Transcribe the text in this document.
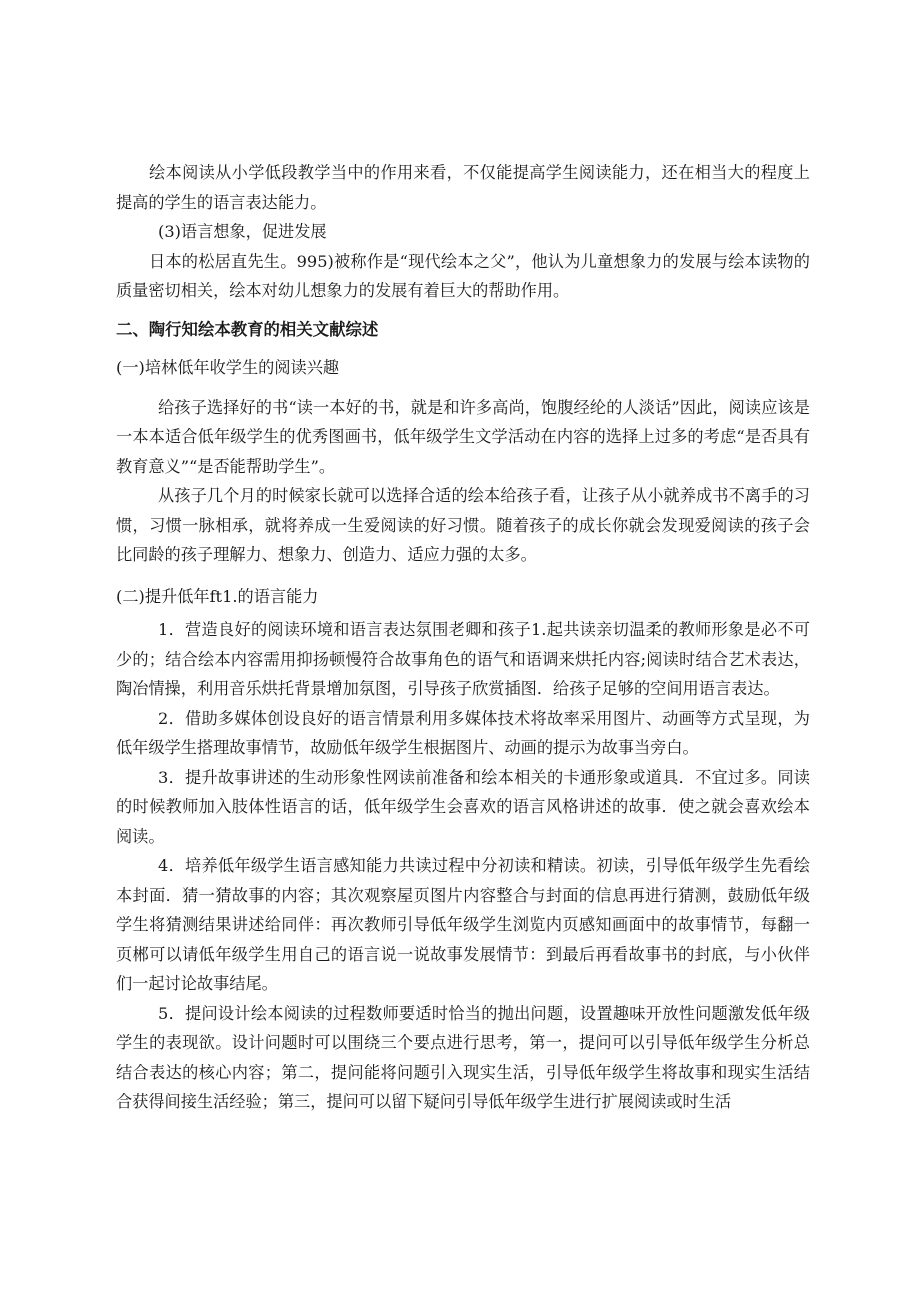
绘本阅读从小学低段教学当中的作用来看，不仅能提高学生阅读能力，还在相当大的程度上提高的学生的语言表达能力。

(3)语言想象，促进发展

日本的松居直先生。995)被称作是“现代绘本之父”，他认为儿童想象力的发展与绘本读物的质量密切相关，绘本对幼儿想象力的发展有着巨大的帮助作用。

二、陶行知绘本教育的相关文献综述

(一)培林低年收学生的阅读兴趣

给孩子选择好的书“读一本好的书，就是和许多高尚，饱腹经纶的人淡话”因此，阅读应该是一本本适合低年级学生的优秀图画书，低年级学生文学活动在内容的选择上过多的考虑“是否具有教育意义”“是否能帮助学生”。

从孩子几个月的时候家长就可以选择合适的绘本给孩子看，让孩子从小就养成书不离手的习惯，习惯一脉相承，就将养成一生爱阅读的好习惯。随着孩子的成长你就会发现爱阅读的孩子会比同龄的孩子理解力、想象力、创造力、适应力强的太多。

(二)提升低年ft1.的语言能力

1．营造良好的阅读环境和语言表达氛围老卿和孩子1.起共读亲切温柔的教师形象是必不可少的；结合绘本内容需用抑扬顿慢符合故事角色的语气和语调来烘托内容;阅读时结合艺术表达，陶冶情操，利用音乐烘托背景增加氛图，引导孩子欣赏插图．给孩子足够的空间用语言表达。

2．借助多媒体创设良好的语言情景利用多媒体技术将故率采用图片、动画等方式呈现，为低年级学生搭理故事情节，故励低年级学生根据图片、动画的提示为故事当旁白。

3．提升故事讲述的生动形象性网读前准备和绘本相关的卡通形象或道具．不宜过多。同读的时候教师加入肢体性语言的话，低年级学生会喜欢的语言风格讲述的故事．使之就会喜欢绘本阅读。

4．培养低年级学生语言感知能力共读过程中分初读和精读。初读，引导低年级学生先看绘本封面．猜一猜故事的内容；其次观察屋页图片内容整合与封面的信息再进行猜测，鼓励低年级学生将猜测结果讲述给同伴：再次教师引导低年级学生浏览内页感知画面中的故事情节，每翻一页郴可以请低年级学生用自己的语言说一说故事发展情节：到最后再看故事书的封底，与小伙伴们一起讨论故事结尾。

5．提问设计绘本阅读的过程数师要适时恰当的抛出问题，设置趣味开放性问题激发低年级学生的表现欲。设计问题时可以围绕三个要点进行思考，第一，提问可以引导低年级学生分析总结合表达的核心内容；第二，提问能将问题引入现实生活，引导低年级学生将故事和现实生活结合获得间接生活经验；第三，提问可以留下疑问引导低年级学生进行扩展阅读或时生活
